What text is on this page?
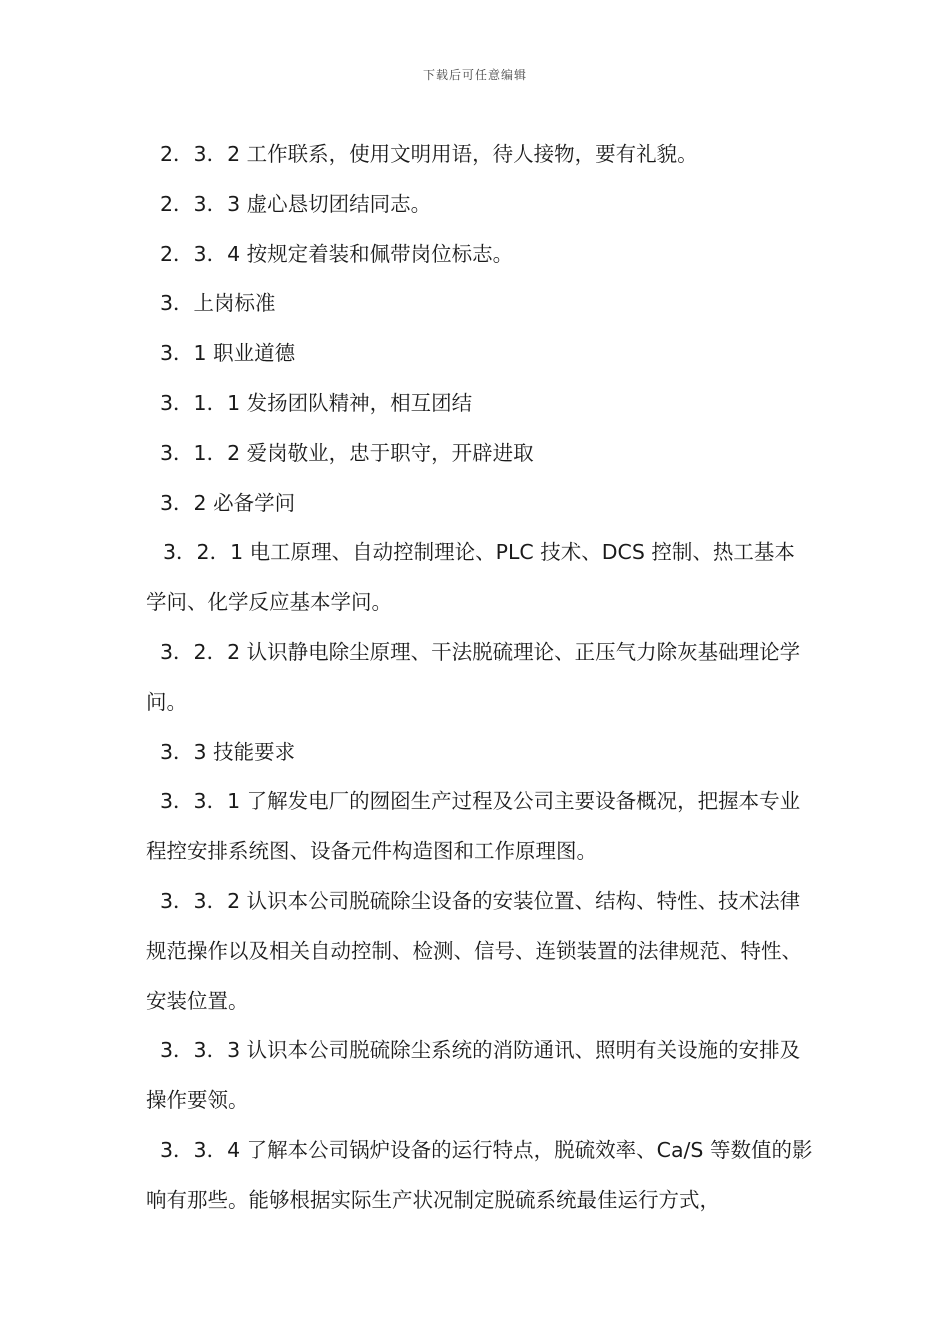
下载后可任意编辑

2．3．2 工作联系，使用文明用语，待人接物，要有礼貌。

2．3．3 虚心恳切团结同志。

2．3．4 按规定着装和佩带岗位标志。

3．上岗标准

3．1 职业道德

3．1．1 发扬团队精神，相互团结

3．1．2 爱岗敬业，忠于职守，开辟进取

3．2 必备学问

3．2．1 电工原理、自动控制理论、PLC 技术、DCS 控制、热工基本学问、化学反应基本学问。

3．2．2 认识静电除尘原理、干法脱硫理论、正压气力除灰基础理论学问。

3．3 技能要求

3．3．1 了解发电厂的囫囵生产过程及公司主要设备概况，把握本专业程控安排系统图、设备元件构造图和工作原理图。

3．3．2 认识本公司脱硫除尘设备的安装位置、结构、特性、技术法律规范操作以及相关自动控制、检测、信号、连锁装置的法律规范、特性、安装位置。

3．3．3 认识本公司脱硫除尘系统的消防通讯、照明有关设施的安排及操作要领。

3．3．4 了解本公司锅炉设备的运行特点，脱硫效率、Ca/S 等数值的影响有那些。能够根据实际生产状况制定脱硫系统最佳运行方式，
